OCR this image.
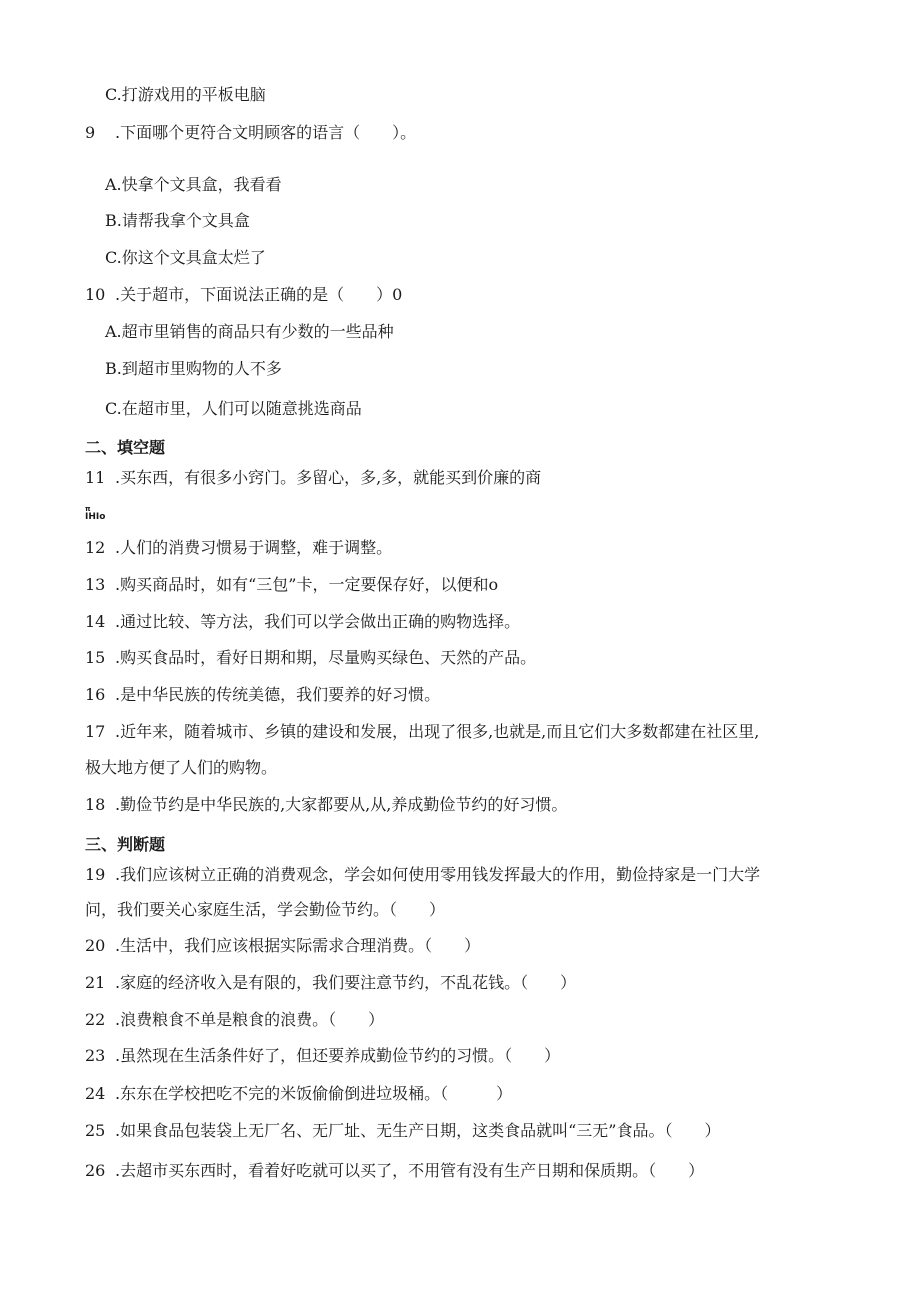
C.打游戏用的平板电脑
9 .下面哪个更符合文明顾客的语言（　　）。
A.快拿个文具盒，我看看
B.请帮我拿个文具盒
C.你这个文具盒太烂了
10 .关于超市，下面说法正确的是（　　）0
A.超市里销售的商品只有少数的一些品种
B.到超市里购物的人不多
C.在超市里，人们可以随意挑选商品
二、填空题
11 .买东西，有很多小窍门。多留心，多,多，就能买到价廉的商
π
IHIo
12 .人们的消费习惯易于调整，难于调整。
13 .购买商品时，如有“三包”卡，一定要保存好，以便和o
14 .通过比较、等方法，我们可以学会做出正确的购物选择。
15 .购买食品时，看好日期和期，尽量购买绿色、天然的产品。
16 .是中华民族的传统美德，我们要养的好习惯。
17 .近年来，随着城市、乡镇的建设和发展，出现了很多,也就是,而且它们大多数都建在社区里,
极大地方便了人们的购物。
18 .勤俭节约是中华民族的,大家都要从,从,养成勤俭节约的好习惯。
三、判断题
19 .我们应该树立正确的消费观念，学会如何使用零用钱发挥最大的作用，勤俭持家是一门大学
问，我们要关心家庭生活，学会勤俭节约。（　　）
20 .生活中，我们应该根据实际需求合理消费。（　　）
21 .家庭的经济收入是有限的，我们要注意节约，不乱花钱。（　　）
22 .浪费粮食不单是粮食的浪费。（　　）
23 .虽然现在生活条件好了，但还要养成勤俭节约的习惯。（　　）
24 .东东在学校把吃不完的米饭偷偷倒进垃圾桶。（　　　）
25 .如果食品包装袋上无厂名、无厂址、无生产日期，这类食品就叫“三无”食品。（　　）
26 .去超市买东西时，看着好吃就可以买了，不用管有没有生产日期和保质期。（　　）
